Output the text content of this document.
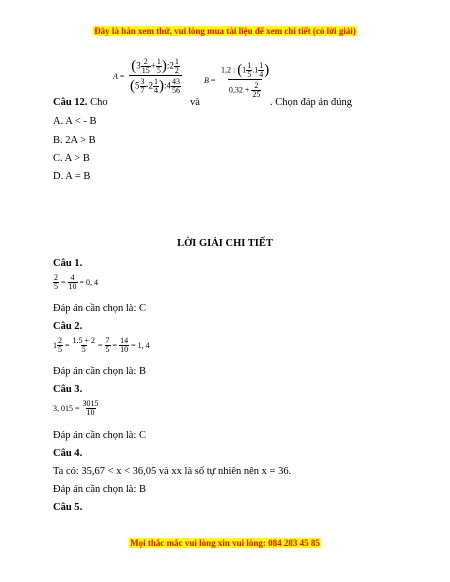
Đây là bản xem thử, vui lòng mua tài liệu để xem chi tiết (có lời giải)
$A = \frac{(3 \frac{2}{15} + \frac{1}{5} ):2 \frac{1}{2}}{(5 \frac{3}{7} -2 \frac{1}{4} ):4 \frac{43}{56}}$	$B = \frac{1,2 : (1 \frac{1}{5} .1 \frac{1}{4} )}{0,32 + \frac{2}{25}}$
Câu 12. Cho	và	. Chọn đáp án đúng
A. A < - B
B. 2A > B
C. A > B
D. A = B
LỜI GIẢI CHI TIẾT
Câu 1.
$\frac{2}{5} = \frac{4}{10} = 0$, 4
Đáp án cần chọn là: C
Câu 2.
$1 \frac{2}{5} = \frac{1.5 + 2}{5} = \frac{7}{5} = \frac{14}{10} = 1$, 4
Đáp án cần chọn là: B
Câu 3.
3, $015 = \frac{3015}{10}$
Đáp án cần chọn là: C
Câu 4.
Ta có: 35,67 < x < 36,05 và xx là số tự nhiên nên x = 36.
Đáp án cần chọn là: B
Câu 5.
Mọi thắc mắc vui lòng xin vui lòng: 084 283 45 85
